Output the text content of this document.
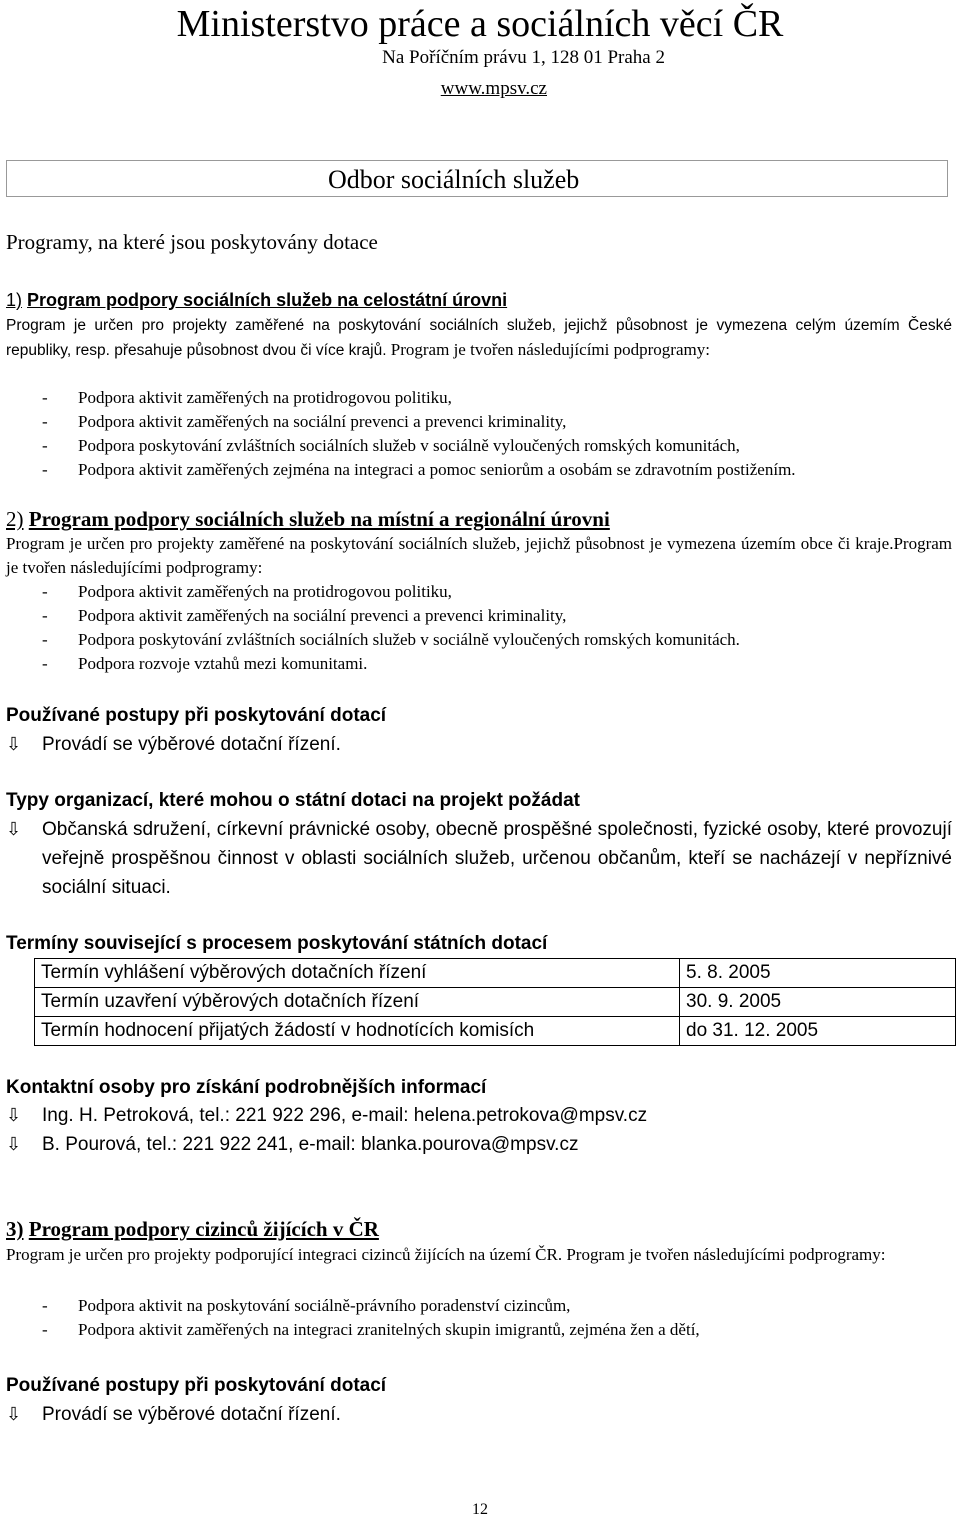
Ministerstvo práce a sociálních věcí ČR
Na Poříčním právu 1, 128 01 Praha 2
www.mpsv.cz
Odbor sociálních služeb
Programy, na které jsou poskytovány dotace
1) Program podpory sociálních služeb na celostátní úrovni
Program je určen pro projekty zaměřené na poskytování sociálních služeb, jejichž působnost je vymezena celým územím České republiky, resp. přesahuje působnost dvou či více krajů. Program je tvořen následujícími podprogramy:
- Podpora aktivit zaměřených na protidrogovou politiku,
- Podpora aktivit zaměřených na sociální prevenci a prevenci kriminality,
- Podpora poskytování zvláštních sociálních služeb v sociálně vyloučených romských komunitách,
- Podpora aktivit zaměřených zejména na integraci a pomoc seniorům a osobám se zdravotním postižením.
2) Program podpory sociálních služeb na místní a regionální úrovni
Program je určen pro projekty zaměřené na poskytování sociálních služeb, jejichž působnost je vymezena územím obce či kraje.Program je tvořen následujícími podprogramy:
- Podpora aktivit zaměřených na protidrogovou politiku,
- Podpora aktivit zaměřených na sociální prevenci a prevenci kriminality,
- Podpora poskytování zvláštních sociálních služeb v sociálně vyloučených romských komunitách.
- Podpora rozvoje vztahů mezi komunitami.
Používané postupy při poskytování dotací
⇩	Provádí se výběrové dotační řízení.
Typy organizací, které mohou o státní dotaci na projekt požádat
⇩	Občanská sdružení, církevní právnické osoby, obecně prospěšné společnosti, fyzické osoby, které provozují veřejně prospěšnou činnost v oblasti sociálních služeb, určenou občanům, kteří se nacházejí v nepříznivé sociální situaci.
Termíny související s procesem poskytování státních dotací
Termín vyhlášení výběrových dotačních řízení	5. 8. 2005
Termín uzavření výběrových dotačních řízení	30. 9. 2005
Termín hodnocení přijatých žádostí v hodnotících komisích	do 31. 12. 2005
Kontaktní osoby pro získání podrobnějších informací
⇩	Ing. H. Petroková, tel.: 221 922 296, e-mail: helena.petrokova@mpsv.cz
⇩	B. Pourová, tel.: 221 922 241, e-mail: blanka.pourova@mpsv.cz
3) Program podpory cizinců žijících v ČR
Program je určen pro projekty podporující integraci cizinců žijících na území ČR. Program je tvořen následujícími podprogramy:
- Podpora aktivit na poskytování sociálně-právního poradenství cizincům,
- Podpora aktivit zaměřených na integraci zranitelných skupin imigrantů, zejména žen a dětí,
Používané postupy při poskytování dotací
⇩	Provádí se výběrové dotační řízení.
12
